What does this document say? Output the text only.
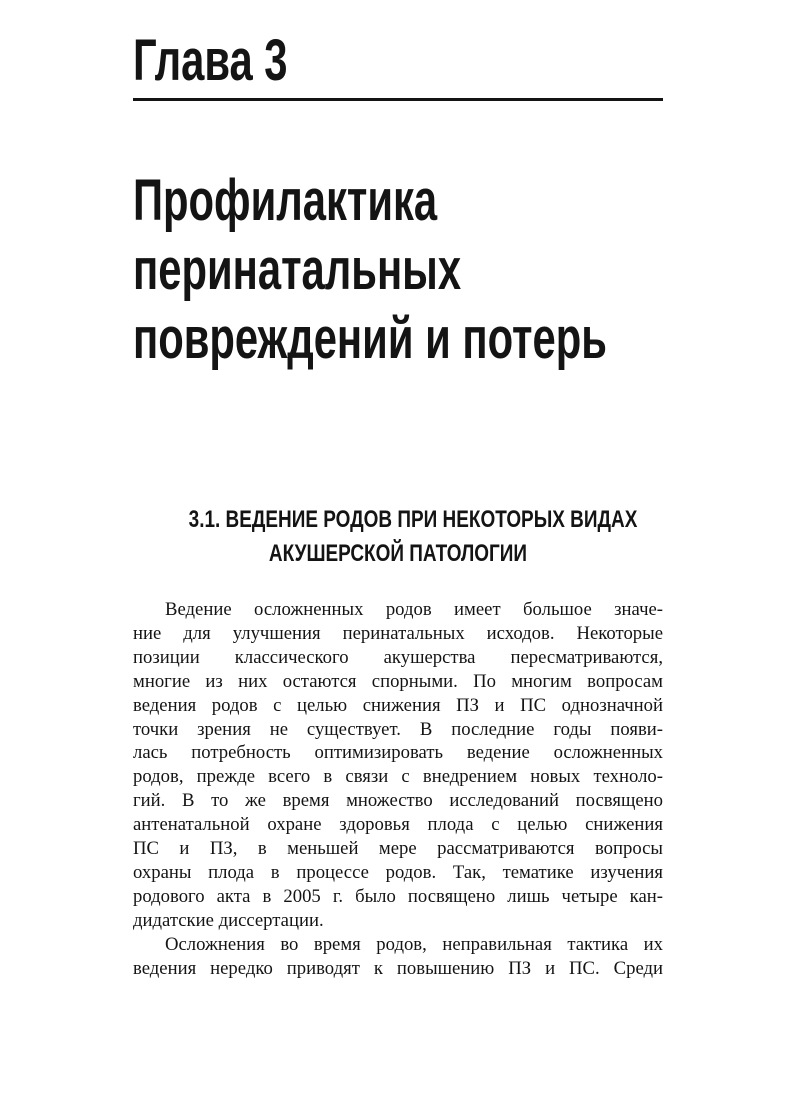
Глава 3
Профилактика
перинатальных
повреждений и потерь
3.1. ВЕДЕНИЕ РОДОВ ПРИ НЕКОТОРЫХ ВИДАХ
АКУШЕРСКОЙ ПАТОЛОГИИ
Ведение осложненных родов имеет большое значе-
ние для улучшения перинатальных исходов. Некоторые
позиции классического акушерства пересматриваются,
многие из них остаются спорными. По многим вопросам
ведения родов с целью снижения ПЗ и ПС однозначной
точки зрения не существует. В последние годы появи-
лась потребность оптимизировать ведение осложненных
родов, прежде всего в связи с внедрением новых техноло-
гий. В то же время множество исследований посвящено
антенатальной охране здоровья плода с целью снижения
ПС и ПЗ, в меньшей мере рассматриваются вопросы
охраны плода в процессе родов. Так, тематике изучения
родового акта в 2005 г. было посвящено лишь четыре кан-
дидатские диссертации.
Осложнения во время родов, неправильная тактика их
ведения нередко приводят к повышению ПЗ и ПС. Среди
